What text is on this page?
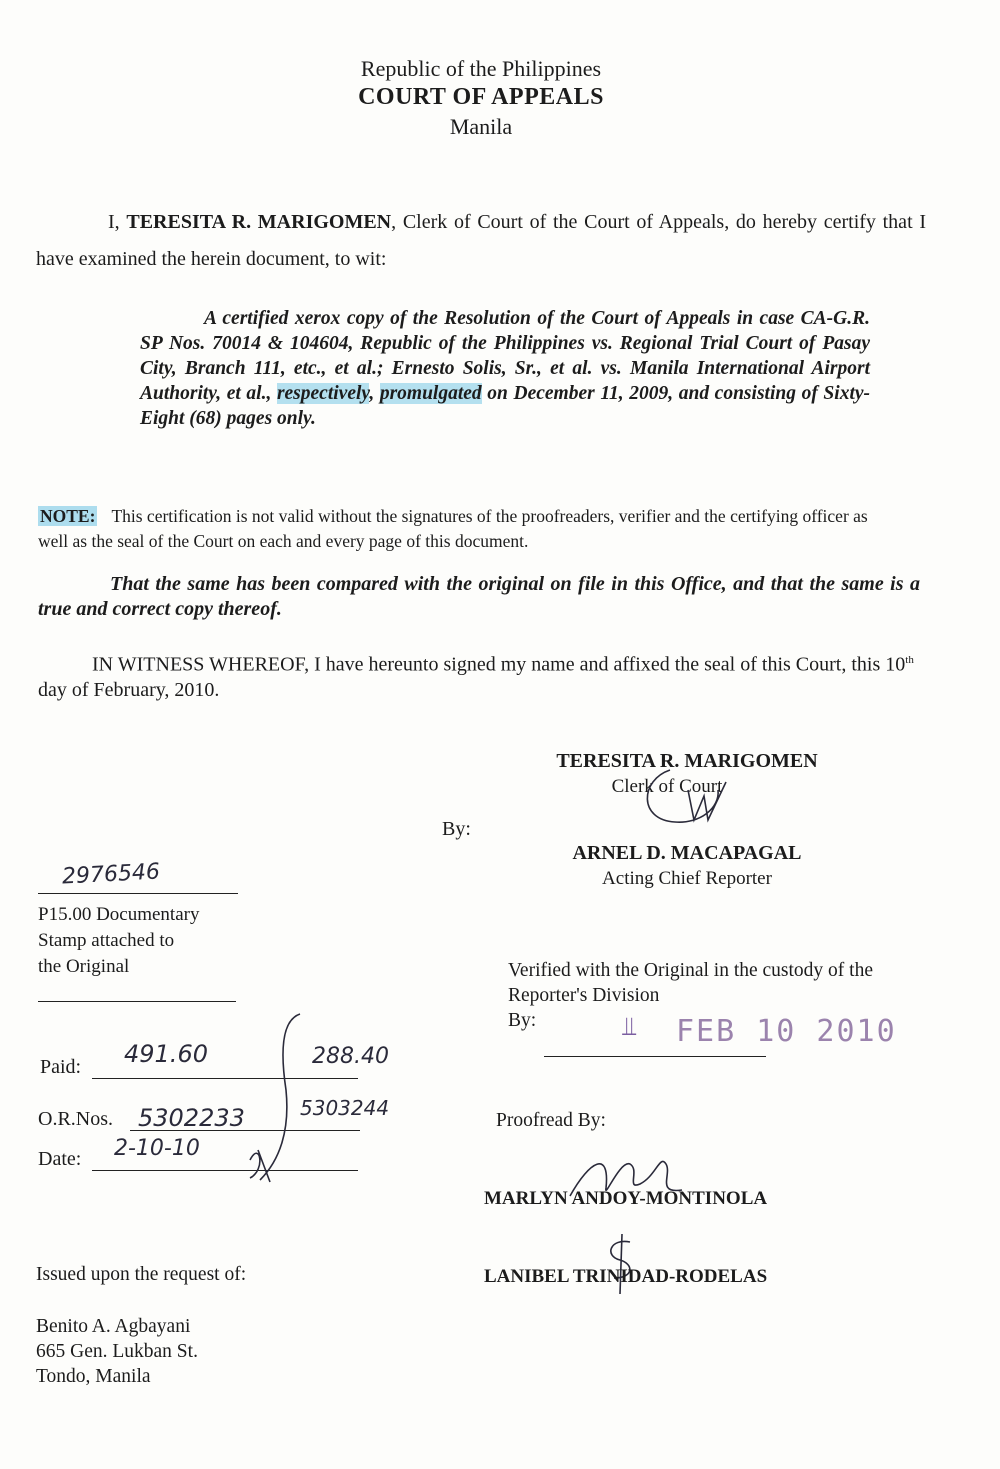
Republic of the Philippines
COURT OF APPEALS
Manila
I, TERESITA R. MARIGOMEN, Clerk of Court of the Court of Appeals, do hereby certify that I have examined the herein document, to wit:
A certified xerox copy of the Resolution of the Court of Appeals in case CA-G.R. SP Nos. 70014 & 104604, Republic of the Philippines vs. Regional Trial Court of Pasay City, Branch 111, etc., et al.; Ernesto Solis, Sr., et al. vs. Manila International Airport Authority, et al., respectively, promulgated on December 11, 2009, and consisting of Sixty-Eight (68) pages only.
NOTE: This certification is not valid without the signatures of the proofreaders, verifier and the certifying officer as well as the seal of the Court on each and every page of this document.
That the same has been compared with the original on file in this Office, and that the same is a true and correct copy thereof.
IN WITNESS WHEREOF, I have hereunto signed my name and affixed the seal of this Court, this 10th day of February, 2010.
TERESITA R. MARIGOMEN
Clerk of Court
By:
ARNEL D. MACAPAGAL
Acting Chief Reporter
2976546
P15.00 Documentary
Stamp attached to
the Original
Paid: 491.60	288.40
O.R.Nos. 5302233	5303244
Date: 2-10-10
Verified with the Original in the custody of the Reporter's Division
By:	⫫ FEB 10 2010
Proofread By:
MARLYN ANDOY-MONTINOLA
LANIBEL TRINIDAD-RODELAS
Issued upon the request of:
Benito A. Agbayani
665 Gen. Lukban St.
Tondo, Manila
